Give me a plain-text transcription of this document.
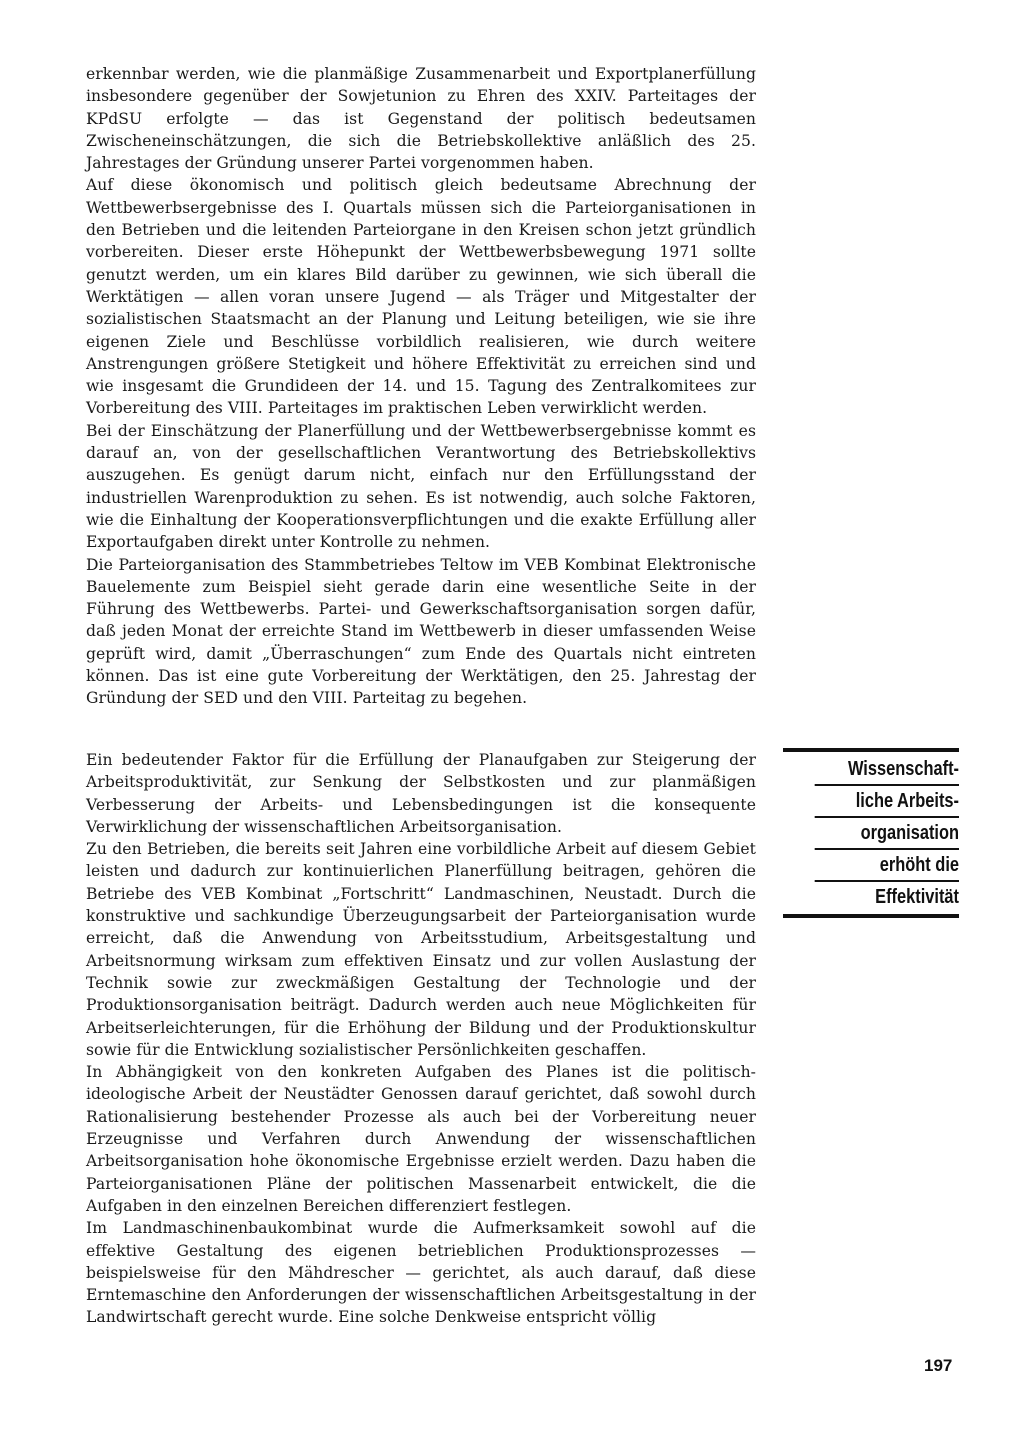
erkennbar werden, wie die planmäßige Zusammenarbeit und Exportplanerfüllung insbesondere gegenüber der Sowjetunion zu Ehren des XXIV. Parteitages der KPdSU erfolgte — das ist Gegenstand der politisch bedeutsamen Zwischeneinschätzungen, die sich die Betriebskollektive anläßlich des 25. Jahrestages der Gründung unserer Partei vorgenommen haben.

Auf diese ökonomisch und politisch gleich bedeutsame Abrechnung der Wettbewerbsergebnisse des I. Quartals müssen sich die Parteiorganisationen in den Betrieben und die leitenden Parteiorgane in den Kreisen schon jetzt gründlich vorbereiten. Dieser erste Höhepunkt der Wettbewerbsbewegung 1971 sollte genutzt werden, um ein klares Bild darüber zu gewinnen, wie sich überall die Werktätigen — allen voran unsere Jugend — als Träger und Mitgestalter der sozialistischen Staatsmacht an der Planung und Leitung beteiligen, wie sie ihre eigenen Ziele und Beschlüsse vorbildlich realisieren, wie durch weitere Anstrengungen größere Stetigkeit und höhere Effektivität zu erreichen sind und wie insgesamt die Grundideen der 14. und 15. Tagung des Zentralkomitees zur Vorbereitung des VIII. Parteitages im praktischen Leben verwirklicht werden.

Bei der Einschätzung der Planerfüllung und der Wettbewerbsergebnisse kommt es darauf an, von der gesellschaftlichen Verantwortung des Betriebskollektivs auszugehen. Es genügt darum nicht, einfach nur den Erfüllungsstand der industriellen Warenproduktion zu sehen. Es ist notwendig, auch solche Faktoren, wie die Einhaltung der Kooperationsverpflichtungen und die exakte Erfüllung aller Exportaufgaben direkt unter Kontrolle zu nehmen.

Die Parteiorganisation des Stammbetriebes Teltow im VEB Kombinat Elektronische Bauelemente zum Beispiel sieht gerade darin eine wesentliche Seite in der Führung des Wettbewerbs. Partei- und Gewerkschaftsorganisation sorgen dafür, daß jeden Monat der erreichte Stand im Wettbewerb in dieser umfassenden Weise geprüft wird, damit „Überraschungen“ zum Ende des Quartals nicht eintreten können. Das ist eine gute Vorbereitung der Werktätigen, den 25. Jahrestag der Gründung der SED und den VIII. Parteitag zu begehen.

Ein bedeutender Faktor für die Erfüllung der Planaufgaben zur Steigerung der Arbeitsproduktivität, zur Senkung der Selbstkosten und zur planmäßigen Verbesserung der Arbeits- und Lebensbedingungen ist die konsequente Verwirklichung der wissenschaftlichen Arbeitsorganisation.

Zu den Betrieben, die bereits seit Jahren eine vorbildliche Arbeit auf diesem Gebiet leisten und dadurch zur kontinuierlichen Planerfüllung beitragen, gehören die Betriebe des VEB Kombinat „Fortschritt“ Landmaschinen, Neustadt. Durch die konstruktive und sachkundige Überzeugungsarbeit der Parteiorganisation wurde erreicht, daß die Anwendung von Arbeitsstudium, Arbeitsgestaltung und Arbeitsnormung wirksam zum effektiven Einsatz und zur vollen Auslastung der Technik sowie zur zweckmäßigen Gestaltung der Technologie und der Produktionsorganisation beiträgt. Dadurch werden auch neue Möglichkeiten für Arbeitserleichterungen, für die Erhöhung der Bildung und der Produktionskultur sowie für die Entwicklung sozialistischer Persönlichkeiten geschaffen.

In Abhängigkeit von den konkreten Aufgaben des Planes ist die politisch-ideologische Arbeit der Neustädter Genossen darauf gerichtet, daß sowohl durch Rationalisierung bestehender Prozesse als auch bei der Vorbereitung neuer Erzeugnisse und Verfahren durch Anwendung der wissenschaftlichen Arbeitsorganisation hohe ökonomische Ergebnisse erzielt werden. Dazu haben die Parteiorganisationen Pläne der politischen Massenarbeit entwickelt, die die Aufgaben in den einzelnen Bereichen differenziert festlegen.

Im Landmaschinenbaukombinat wurde die Aufmerksamkeit sowohl auf die effektive Gestaltung des eigenen betrieblichen Produktionsprozesses — beispielsweise für den Mähdrescher — gerichtet, als auch darauf, daß diese Erntemaschine den Anforderungen der wissenschaftlichen Arbeitsgestaltung in der Landwirtschaft gerecht wurde. Eine solche Denkweise entspricht völlig

Wissenschaft-
liche Arbeits-
organisation
erhöht die
Effektivität
197
